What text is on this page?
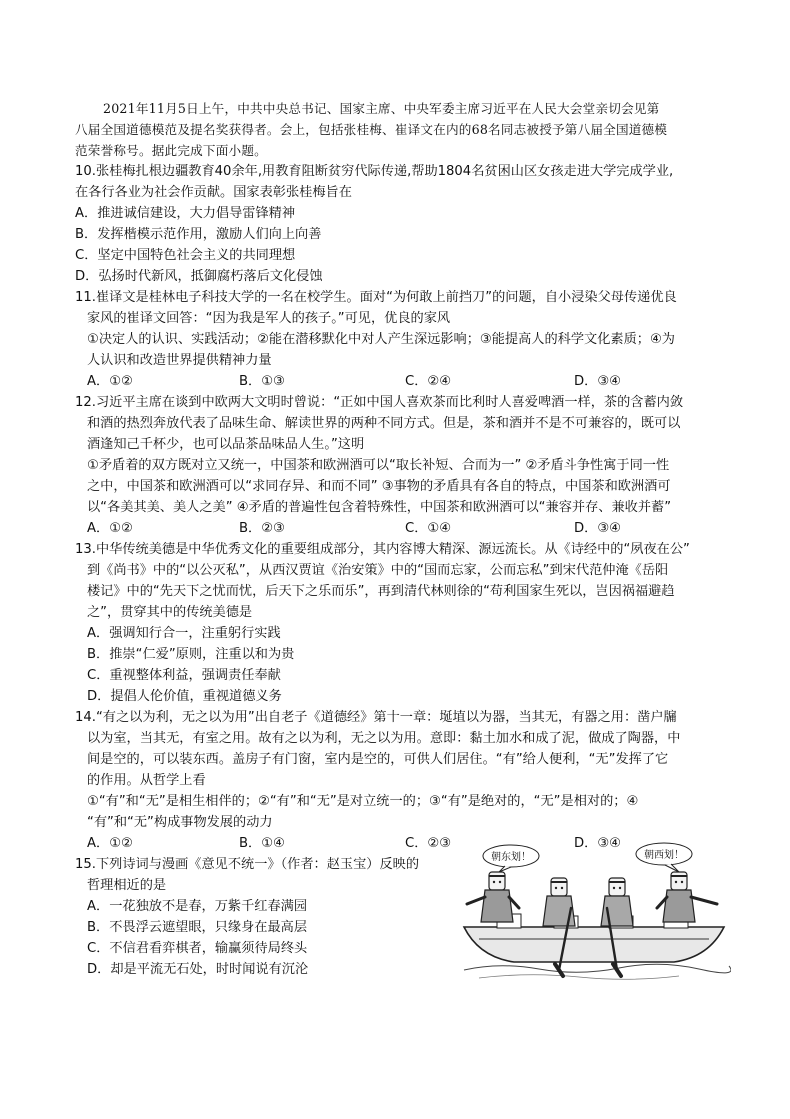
2021年11月5日上午，中共中央总书记、国家主席、中央军委主席习近平在人民大会堂亲切会见第
八届全国道德模范及提名奖获得者。会上，包括张桂梅、崔译文在内的68名同志被授予第八届全国道德模
范荣誉称号。据此完成下面小题。
10.张桂梅扎根边疆教育40余年,用教育阻断贫穷代际传递,帮助1804名贫困山区女孩走进大学完成学业,
在各行各业为社会作贡献。国家表彰张桂梅旨在
A．推进诚信建设，大力倡导雷锋精神
B．发挥楷模示范作用，激励人们向上向善
C．坚定中国特色社会主义的共同理想
D．弘扬时代新风，抵御腐朽落后文化侵蚀
11.崔译文是桂林电子科技大学的一名在校学生。面对“为何敢上前挡刀”的问题，自小浸染父母传递优良
家风的崔译文回答：“因为我是军人的孩子。”可见，优良的家风
①决定人的认识、实践活动；②能在潜移默化中对人产生深远影响；③能提高人的科学文化素质；④为
人认识和改造世界提供精神力量
A．①②	B．①③	C．②④	D．③④
12.习近平主席在谈到中欧两大文明时曾说：“正如中国人喜欢茶而比利时人喜爱啤酒一样，茶的含蓄内敛
和酒的热烈奔放代表了品味生命、解读世界的两种不同方式。但是，茶和酒并不是不可兼容的，既可以
酒逢知己千杯少，也可以品茶品味品人生。”这明
①矛盾着的双方既对立又统一，中国茶和欧洲酒可以“取长补短、合而为一” ②矛盾斗争性寓于同一性
之中，中国茶和欧洲酒可以“求同存异、和而不同” ③事物的矛盾具有各自的特点，中国茶和欧洲酒可
以“各美其美、美人之美” ④矛盾的普遍性包含着特殊性，中国茶和欧洲酒可以“兼容并存、兼收并蓄”
A．①②	B．②③	C．①④	D．③④
13.中华传统美德是中华优秀文化的重要组成部分，其内容博大精深、源远流长。从《诗经中的“夙夜在公”
到《尚书》中的“以公灭私”，从西汉贾谊《治安策》中的“国而忘家，公而忘私”到宋代范仲淹《岳阳
楼记》中的“先天下之忧而忧，后天下之乐而乐”，再到清代林则徐的“苟利国家生死以，岂因祸福避趋
之”，贯穿其中的传统美德是
A．强调知行合一，注重躬行实践
B．推崇“仁爱”原则，注重以和为贵
C．重视整体利益，强调责任奉献
D．提倡人伦价值，重视道德义务
14.“有之以为利，无之以为用”出自老子《道德经》第十一章：埏埴以为器，当其无，有器之用：凿户牖
以为室，当其无，有室之用。故有之以为利，无之以为用。意即：黏土加水和成了泥，做成了陶器，中
间是空的，可以装东西。盖房子有门窗，室内是空的，可供人们居住。“有”给人便利，“无”发挥了它
的作用。从哲学上看
①“有”和“无”是相生相伴的；②“有”和“无”是对立统一的；③“有”是绝对的，“无”是相对的；④
“有”和“无”构成事物发展的动力
A．①②	B．①④	C．②③	D．③④
15.下列诗词与漫画《意见不统一》（作者：赵玉宝）反映的
哲理相近的是
A．一花独放不是春，万紫千红春满园
B．不畏浮云遮望眼，只缘身在最高层
C．不信君看弈棋者，输赢须待局终头
D．却是平流无石处，时时闻说有沉沦
朝东划！	朝西划！
